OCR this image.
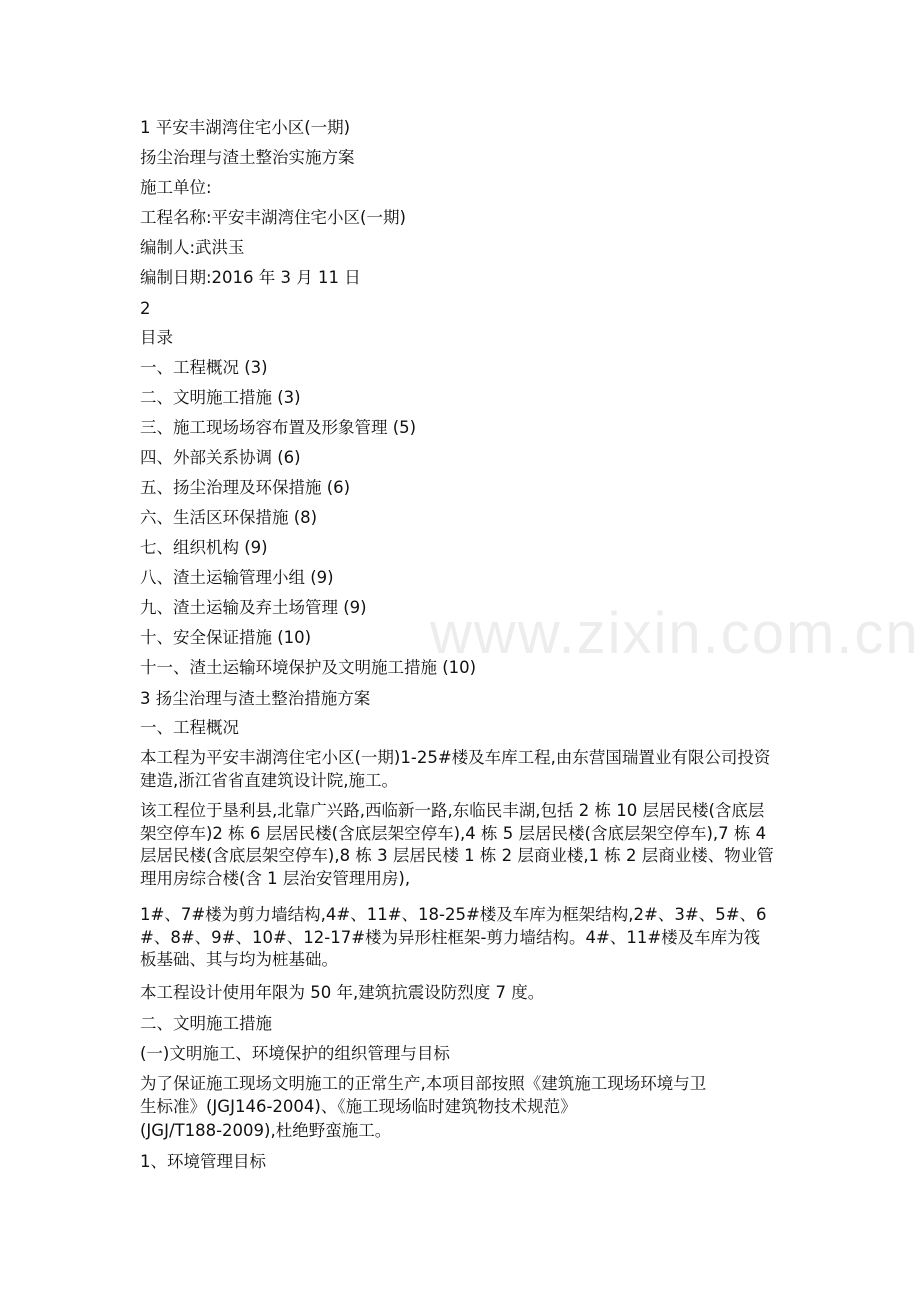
www.zixin.com.cn

1 平安丰湖湾住宅小区(一期)

扬尘治理与渣土整治实施方案

施工单位:

工程名称:平安丰湖湾住宅小区(一期)

编制人:武洪玉

编制日期:2016 年 3 月 11 日

2

目录

一、工程概况 (3)

二、文明施工措施 (3)

三、施工现场场容布置及形象管理 (5)

四、外部关系协调 (6)

五、扬尘治理及环保措施 (6)

六、生活区环保措施 (8)

七、组织机构 (9)

八、渣土运输管理小组 (9)

九、渣土运输及弃土场管理 (9)

十、安全保证措施 (10)

十一、渣土运输环境保护及文明施工措施 (10)

3 扬尘治理与渣土整治措施方案

一、工程概况

本工程为平安丰湖湾住宅小区(一期)1-25#楼及车库工程,由东营国瑞置业有限公司投资建造,浙江省省直建筑设计院,施工。

该工程位于垦利县,北靠广兴路,西临新一路,东临民丰湖,包括 2 栋 10 层居民楼(含底层架空停车)2 栋 6 层居民楼(含底层架空停车),4 栋 5 层居民楼(含底层架空停车),7 栋 4 层居民楼(含底层架空停车),8 栋 3 层居民楼 1 栋 2 层商业楼,1 栋 2 层商业楼、物业管理用房综合楼(含 1 层治安管理用房),

1#、7#楼为剪力墙结构,4#、11#、18-25#楼及车库为框架结构,2#、3#、5#、6#、8#、9#、10#、12-17#楼为异形柱框架-剪力墙结构。4#、11#楼及车库为筏板基础、其与均为桩基础。

本工程设计使用年限为 50 年,建筑抗震设防烈度 7 度。

二、文明施工措施

(一)文明施工、环境保护的组织管理与目标

为了保证施工现场文明施工的正常生产,本项目部按照《建筑施工现场环境与卫

生标准》(JGJ146-2004)、《施工现场临时建筑物技术规范》

(JGJ/T188-2009),杜绝野蛮施工。

1、环境管理目标
